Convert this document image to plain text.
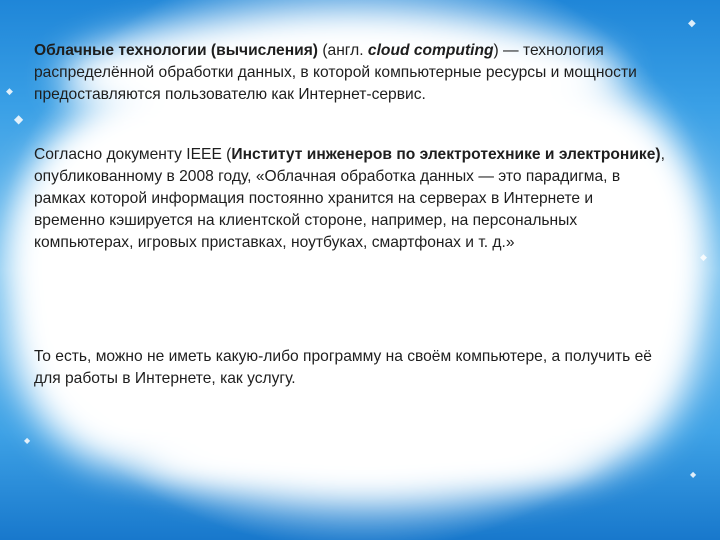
◆
◆
◆
◆
◆
◆

Облачные технологии (вычисления) (англ. cloud computing) — технология распределённой обработки данных, в которой компьютерные ресурсы и мощности предоставляются пользователю как Интернет-сервис.

Согласно документу IEEE (Институт инженеров по электротехнике и электронике), опубликованному в 2008 году, «Облачная обработка данных — это парадигма, в рамках которой информация постоянно хранится на серверах в Интернете и временно кэшируется на клиентской стороне, например, на персональных компьютерах, игровых приставках, ноутбуках, смартфонах и т. д.»

То есть, можно не иметь какую-либо программу на своём компьютере, а получить её для работы в Интернете, как услугу.
